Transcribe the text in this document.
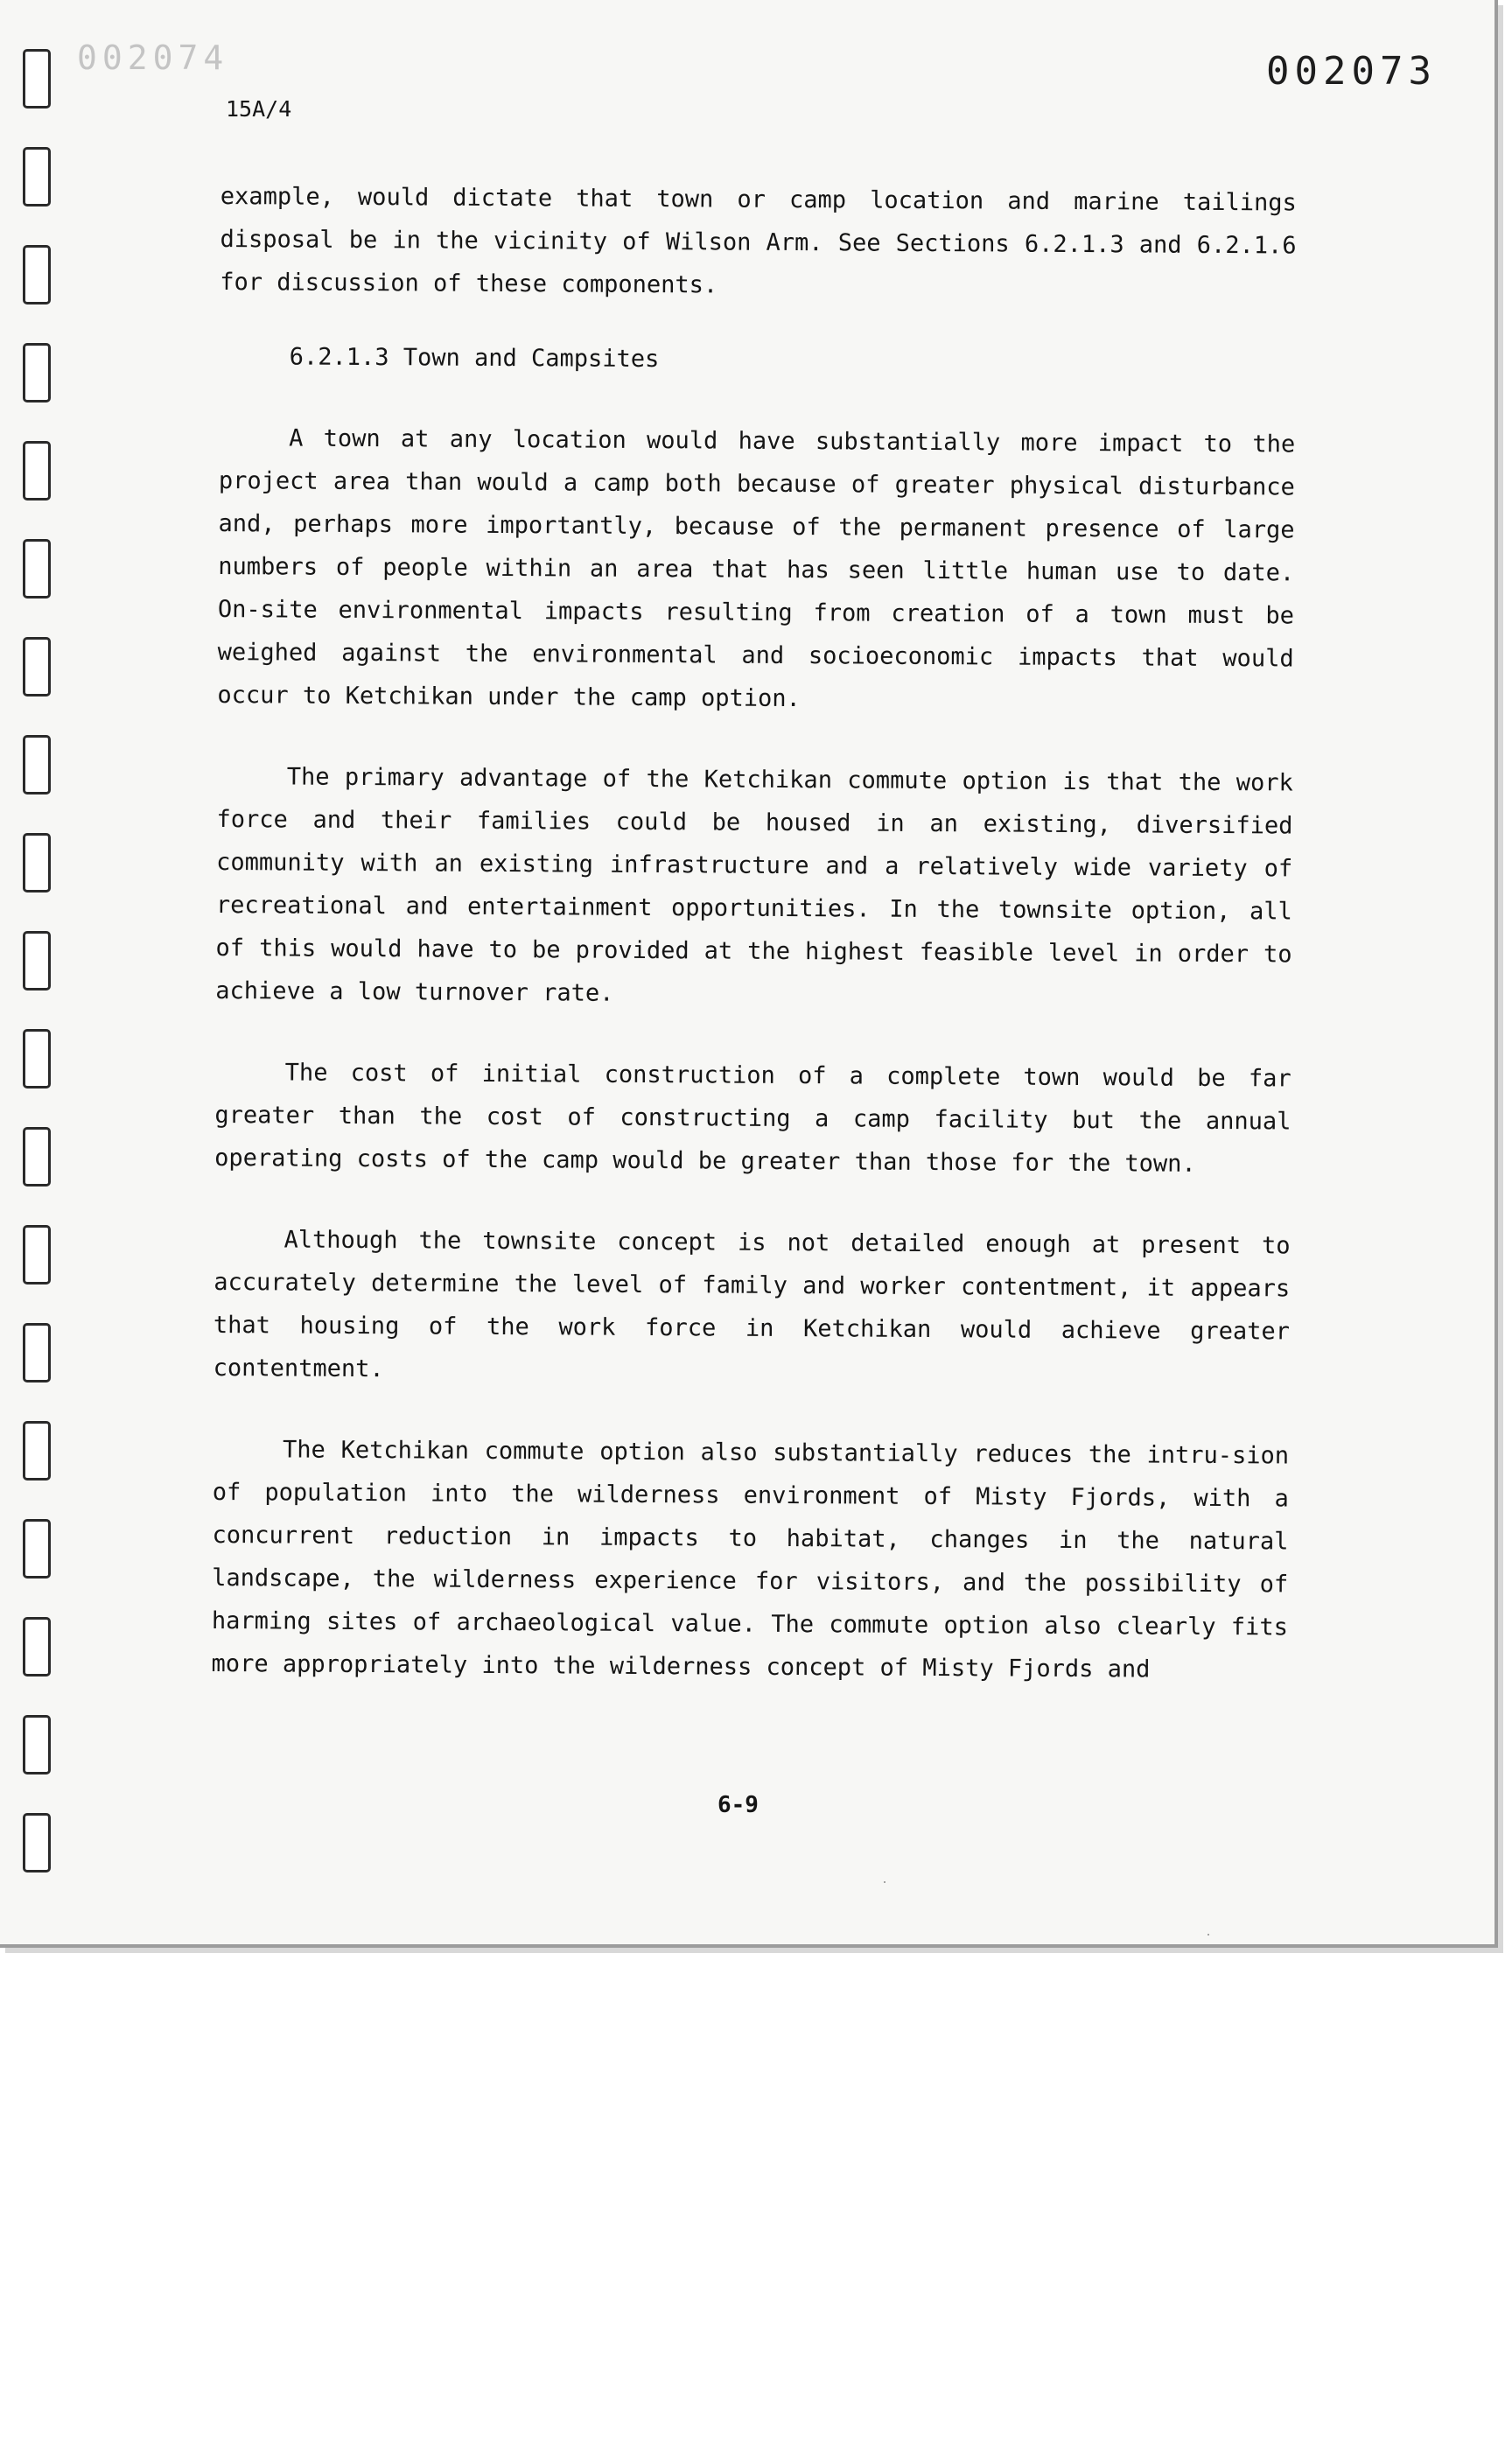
002074	002073
15A/4

example, would dictate that town or camp location and marine tailings disposal be in the vicinity of Wilson Arm. See Sections 6.2.1.3 and 6.2.1.6 for discussion of these components.

6.2.1.3 Town and Campsites

A town at any location would have substantially more impact to the project area than would a camp both because of greater physical disturbance and, perhaps more importantly, because of the permanent presence of large numbers of people within an area that has seen little human use to date. On-site environmental impacts resulting from creation of a town must be weighed against the environmental and socioeconomic impacts that would occur to Ketchikan under the camp option.

The primary advantage of the Ketchikan commute option is that the work force and their families could be housed in an existing, diversified community with an existing infrastructure and a relatively wide variety of recreational and entertainment opportunities. In the townsite option, all of this would have to be provided at the highest feasible level in order to achieve a low turnover rate.

The cost of initial construction of a complete town would be far greater than the cost of constructing a camp facility but the annual operating costs of the camp would be greater than those for the town.

Although the townsite concept is not detailed enough at present to accurately determine the level of family and worker contentment, it appears that housing of the work force in Ketchikan would achieve greater contentment.

The Ketchikan commute option also substantially reduces the intru-sion of population into the wilderness environment of Misty Fjords, with a concurrent reduction in impacts to habitat, changes in the natural landscape, the wilderness experience for visitors, and the possibility of harming sites of archaeological value. The commute option also clearly fits more appropriately into the wilderness concept of Misty Fjords and

6-9
